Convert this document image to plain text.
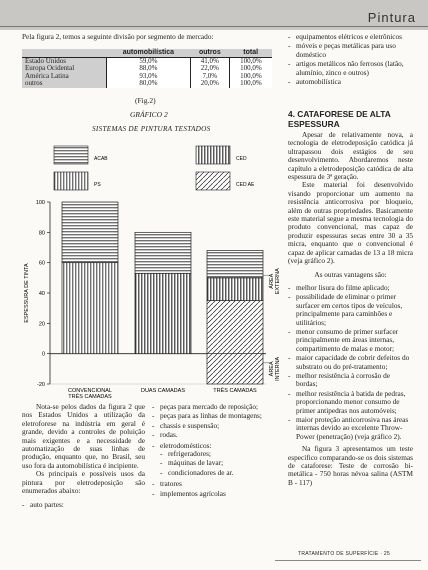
Pintura
Pela figura 2, temos a seguinte divisão por segmento de mercado:
	automobilística	outros	total
Estado Unidos	59,0%	41,0%	100,0%
Europa Ocidental	88,0%	22,0%	100,0%
América Latina	93,0%	7,0%	100,0%
outros	80,0%	20,0%	100,0%
(Fig.2)
GRÁFICO 2
SISTEMAS DE PINTURA TESTADOS
ACAB
PS
CED
CED AE
-20
0
20
40
60
80
100
ESPESSURA DE TINTA
CONVENCIONAL
TRÊS CAMADAS
DUAS CAMADAS	TRÊS CAMADAS
ÁREA EXTERNA
ÁREA INTERNA

Nota-se pelos dados da figura 2 que nos Estados Unidos a utilização da eletroforese na indústria em geral é grande, devido a controles de poluição mais exigentes e a necessidade de automatização de suas linhas de produção, enquanto que, no Brasil, seu uso fora da automobilística é incipiente.

Os principais e possíveis usos da pintura por eletrodeposição são enumerados abaixo:

- auto partes:
- peças para mercado de reposição;
- peças para as linhas de montagens;
- chassis e suspensão;
- rodas.
- eletrodomésticos:
- refrigeradores;
- máquinas de lavar;
- condicionadores de ar.
- tratores
- implementos agrícolas
- equipamentos elétricos e eletrônicos
- móveis e peças metálicas para uso doméstico
- artigos metálicos não ferrosos (latão, alumínio, zinco e outros)
- automobilística
4. CATAFORESE DE ALTA ESPESSURA

Apesar de relativamente nova, a tecnologia de eletrodeposição catódica já ultrapassou dois estágios de seu desenvolvimento. Abordaremos neste capítulo a eletrodeposição catódica de alta espessura de 3ª geração.

Este material foi desenvolvido visando proporcionar um aumento na resistência anticorrosiva por bloqueio, além de outras propriedades. Basicamente este material segue a mesma tecnologia do produto convencional, mas capaz de produzir espessuras secas entre 30 a 35 micra, enquanto que o convencional é capaz de aplicar camadas de 13 a 18 micra (veja gráfico 2).

As outras vantagens são:

- melhor lisura do filme aplicado;
- possibilidade de eliminar o primer surfacer em certos tipos de veículos, principalmente para caminhões e utilitários;
- menor consumo de primer surfacer principalmente em áreas internas, compartimento de malas e motor;
- maior capacidade de cobrir defeitos do substrato ou do pré-tratamento;
- melhor resistência à corrosão de bordas;
- melhor resistência à batida de pedras, proporcionando menor consumo de primer antipedras nos automóveis;
- maior proteção anticorrosiva nas áreas internas devido ao excelente Throw-Power (penetração) (veja gráfico 2).

Na figura 3 apresentamos um teste específico comparando-se os dois sistemas de cataforese: Teste de corrosão bi-metálica - 750 horas névoa salina (ASTM B - 117)

TRATAMENTO DE SUPERFÍCIE · 25
